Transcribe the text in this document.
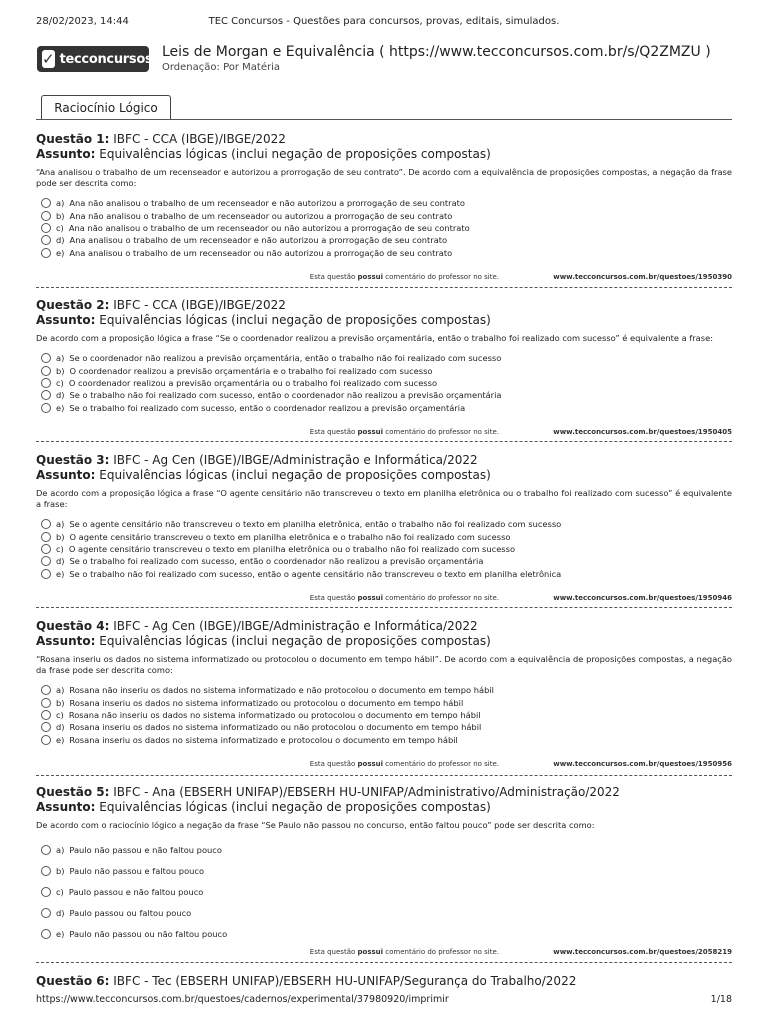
28/02/2023, 14:44	TEC Concursos - Questões para concursos, provas, editais, simulados.
✓ tecconcursos Leis de Morgan e Equivalência ( https://www.tecconcursos.com.br/s/Q2ZMZU )
Ordenação: Por Matéria
Raciocínio Lógico
Questão 1: IBFC - CCA (IBGE)/IBGE/2022
Assunto: Equivalências lógicas (inclui negação de proposições compostas)
“Ana analisou o trabalho de um recenseador e autorizou a prorrogação de seu contrato”. De acordo com a equivalência de proposições compostas, a negação da frase pode ser descrita como:
a) Ana não analisou o trabalho de um recenseador e não autorizou a prorrogação de seu contrato
b) Ana não analisou o trabalho de um recenseador ou autorizou a prorrogação de seu contrato
c) Ana não analisou o trabalho de um recenseador ou não autorizou a prorrogação de seu contrato
d) Ana analisou o trabalho de um recenseador e não autorizou a prorrogação de seu contrato
e) Ana analisou o trabalho de um recenseador ou não autorizou a prorrogação de seu contrato
Esta questão possui comentário do professor no site.	www.tecconcursos.com.br/questoes/1950390
Questão 2: IBFC - CCA (IBGE)/IBGE/2022
Assunto: Equivalências lógicas (inclui negação de proposições compostas)
De acordo com a proposição lógica a frase “Se o coordenador realizou a previsão orçamentária, então o trabalho foi realizado com sucesso” é equivalente a frase:
a) Se o coordenador não realizou a previsão orçamentária, então o trabalho não foi realizado com sucesso
b) O coordenador realizou a previsão orçamentária e o trabalho foi realizado com sucesso
c) O coordenador realizou a previsão orçamentária ou o trabalho foi realizado com sucesso
d) Se o trabalho não foi realizado com sucesso, então o coordenador não realizou a previsão orçamentária
e) Se o trabalho foi realizado com sucesso, então o coordenador realizou a previsão orçamentária
Esta questão possui comentário do professor no site.	www.tecconcursos.com.br/questoes/1950405
Questão 3: IBFC - Ag Cen (IBGE)/IBGE/Administração e Informática/2022
Assunto: Equivalências lógicas (inclui negação de proposições compostas)
De acordo com a proposição lógica a frase “O agente censitário não transcreveu o texto em planilha eletrônica ou o trabalho foi realizado com sucesso” é equivalente a frase:
a) Se o agente censitário não transcreveu o texto em planilha eletrônica, então o trabalho não foi realizado com sucesso
b) O agente censitário transcreveu o texto em planilha eletrônica e o trabalho não foi realizado com sucesso
c) O agente censitário transcreveu o texto em planilha eletrônica ou o trabalho não foi realizado com sucesso
d) Se o trabalho foi realizado com sucesso, então o coordenador não realizou a previsão orçamentária
e) Se o trabalho não foi realizado com sucesso, então o agente censitário não transcreveu o texto em planilha eletrônica
Esta questão possui comentário do professor no site.	www.tecconcursos.com.br/questoes/1950946
Questão 4: IBFC - Ag Cen (IBGE)/IBGE/Administração e Informática/2022
Assunto: Equivalências lógicas (inclui negação de proposições compostas)
“Rosana inseriu os dados no sistema informatizado ou protocolou o documento em tempo hábil”. De acordo com a equivalência de proposições compostas, a negação da frase pode ser descrita como:
a) Rosana não inseriu os dados no sistema informatizado e não protocolou o documento em tempo hábil
b) Rosana inseriu os dados no sistema informatizado ou protocolou o documento em tempo hábil
c) Rosana não inseriu os dados no sistema informatizado ou protocolou o documento em tempo hábil
d) Rosana inseriu os dados no sistema informatizado ou não protocolou o documento em tempo hábil
e) Rosana inseriu os dados no sistema informatizado e protocolou o documento em tempo hábil
Esta questão possui comentário do professor no site.	www.tecconcursos.com.br/questoes/1950956
Questão 5: IBFC - Ana (EBSERH UNIFAP)/EBSERH HU-UNIFAP/Administrativo/Administração/2022
Assunto: Equivalências lógicas (inclui negação de proposições compostas)
De acordo com o raciocínio lógico a negação da frase “Se Paulo não passou no concurso, então faltou pouco” pode ser descrita como:
a) Paulo não passou e não faltou pouco
b) Paulo não passou e faltou pouco
c) Paulo passou e não faltou pouco
d) Paulo passou ou faltou pouco
e) Paulo não passou ou não faltou pouco
Esta questão possui comentário do professor no site.	www.tecconcursos.com.br/questoes/2058219
Questão 6: IBFC - Tec (EBSERH UNIFAP)/EBSERH HU-UNIFAP/Segurança do Trabalho/2022
https://www.tecconcursos.com.br/questoes/cadernos/experimental/37980920/imprimir	1/18
